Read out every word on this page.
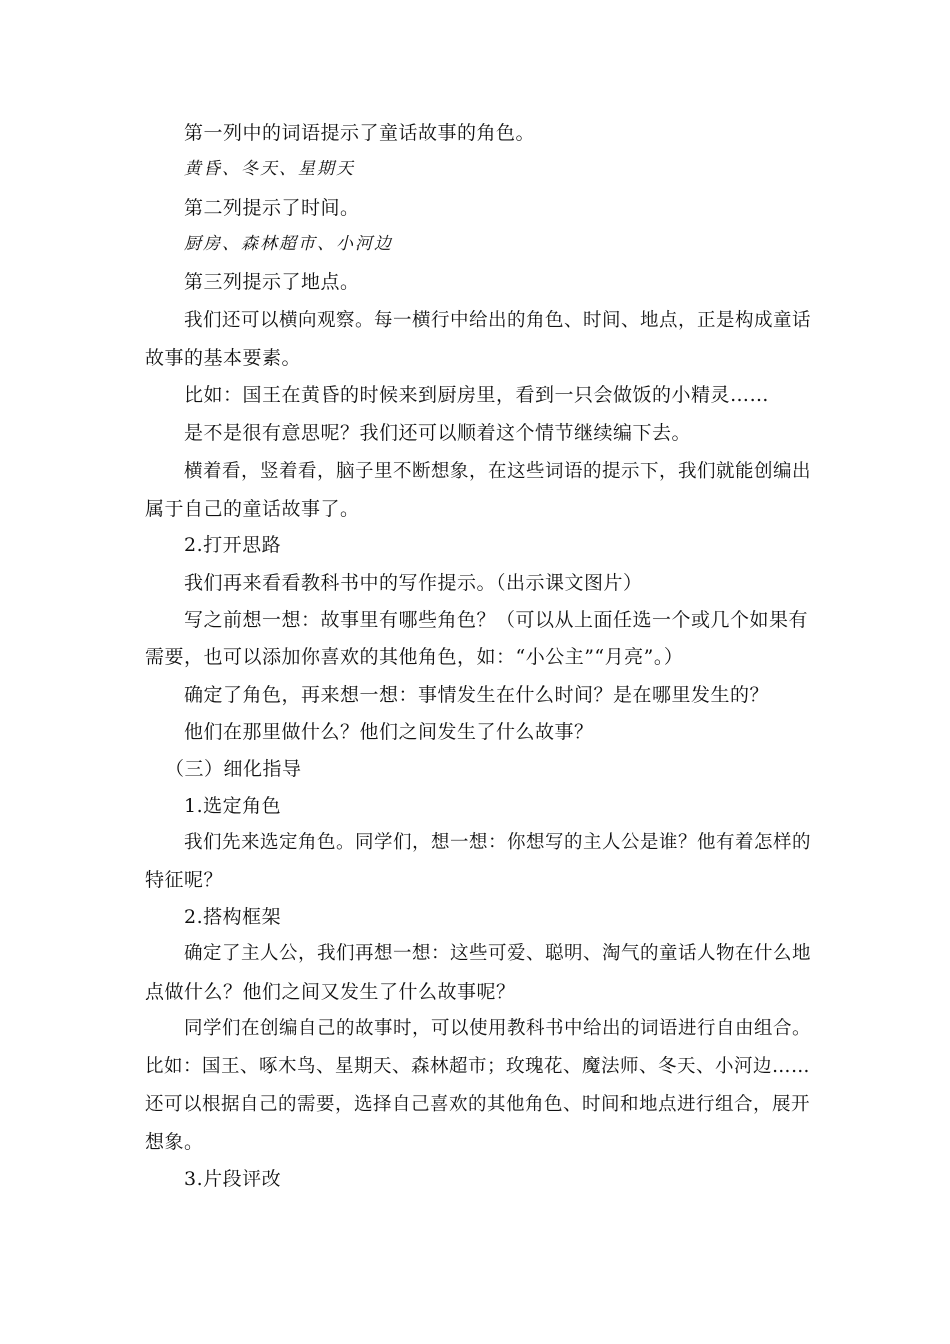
第一列中的词语提示了童话故事的角色。
黄昏、冬天、星期天
第二列提示了时间。
厨房、森林超市、小河边
第三列提示了地点。
我们还可以横向观察。每一横行中给出的角色、时间、地点，正是构成童话
故事的基本要素。
比如：国王在黄昏的时候来到厨房里，看到一只会做饭的小精灵……
是不是很有意思呢？我们还可以顺着这个情节继续编下去。
横着看，竖着看，脑子里不断想象，在这些词语的提示下，我们就能创编出
属于自己的童话故事了。
2.打开思路
我们再来看看教科书中的写作提示。（出示课文图片）
写之前想一想：故事里有哪些角色？（可以从上面任选一个或几个如果有
需要，也可以添加你喜欢的其他角色，如：“小公主”“月亮”。）
确定了角色，再来想一想：事情发生在什么时间？是在哪里发生的？
他们在那里做什么？他们之间发生了什么故事？
（三）细化指导
1.选定角色
我们先来选定角色。同学们，想一想：你想写的主人公是谁？他有着怎样的
特征呢？
2.搭构框架
确定了主人公，我们再想一想：这些可爱、聪明、淘气的童话人物在什么地
点做什么？他们之间又发生了什么故事呢？
同学们在创编自己的故事时，可以使用教科书中给出的词语进行自由组合。
比如：国王、啄木鸟、星期天、森林超市；玫瑰花、魔法师、冬天、小河边……
还可以根据自己的需要，选择自己喜欢的其他角色、时间和地点进行组合，展开
想象。
3.片段评改
